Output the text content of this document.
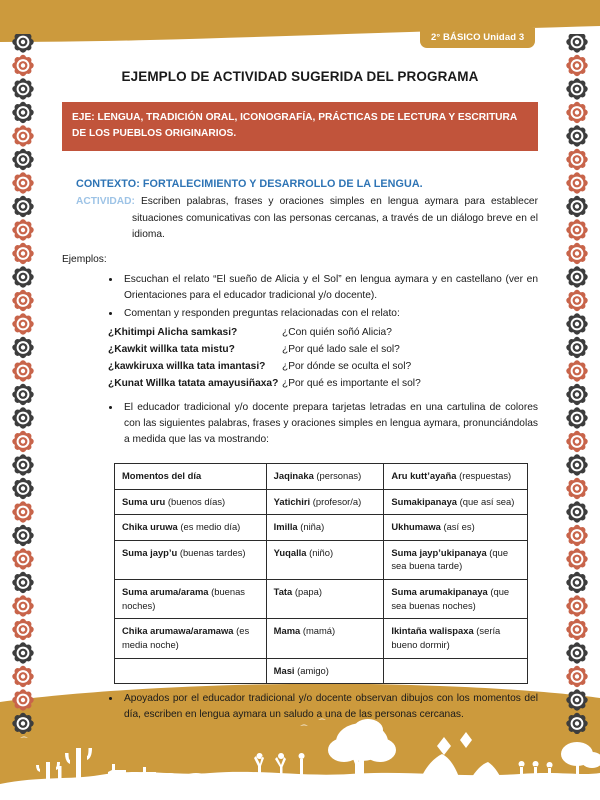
2° BÁSICO Unidad 3
EJEMPLO DE ACTIVIDAD SUGERIDA DEL PROGRAMA
EJE: LENGUA, TRADICIÓN ORAL, ICONOGRAFÍA, PRÁCTICAS DE LECTURA Y ESCRITURA DE LOS PUEBLOS ORIGINARIOS.
CONTEXTO: FORTALECIMIENTO Y DESARROLLO DE LA LENGUA.
ACTIVIDAD: Escriben palabras, frases y oraciones simples en lengua aymara para establecer situaciones comunicativas con las personas cercanas, a través de un diálogo breve en el idioma.
Ejemplos:
Escuchan el relato “El sueño de Alicia y el Sol” en lengua aymara y en castellano (ver en Orientaciones para el educador tradicional y/o docente).
Comentan y responden preguntas relacionadas con el relato:
¿Khitimpi Alicha samkasi?	¿Con quién soñó Alicia?
¿Kawkit willka tata mistu?	¿Por qué lado sale el sol?
¿kawkiruxa willka tata imantasi?	¿Por dónde se oculta el sol?
¿Kunat Willka tatata amayusiñaxa? ¿Por qué es importante el sol?
El educador tradicional y/o docente prepara tarjetas letradas en una cartulina de colores con las siguientes palabras, frases y oraciones simples en lengua aymara, pronunciándolas a medida que las va mostrando:
Momentos del día	Jaqinaka (personas)	Aru kutt’ayaña (respuestas)
Suma uru (buenos días)	Yatichiri (profesor/a)	Sumakipanaya (que así sea)
Chika uruwa (es medio día)	Imilla (niña)	Ukhumawa (así es)
Suma jayp’u (buenas tardes)	Yuqalla (niño)	Suma jayp’ukipanaya (que sea buena tarde)
Suma aruma/arama (buenas noches)	Tata (papa)	Suma arumakipanaya (que sea buenas noches)
Chika arumawa/aramawa (es media noche)	Mama (mamá)	Ikintaña walispaxa (sería bueno dormir)
	Masi (amigo)	
Apoyados por el educador tradicional y/o docente observan dibujos con los momentos del día, escriben en lengua aymara un saludo a una de las personas cercanas.
